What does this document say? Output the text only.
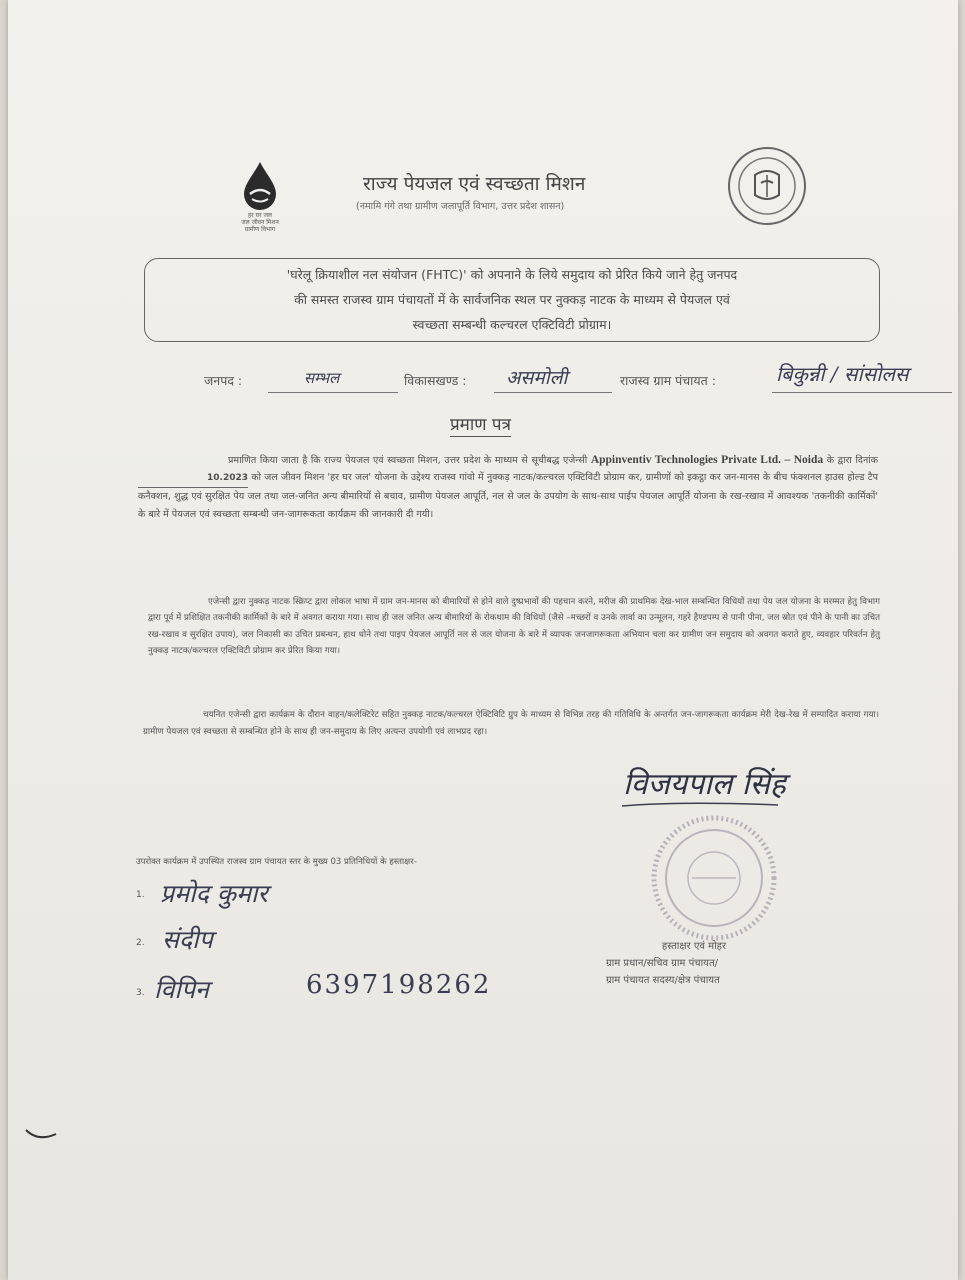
हर घर जल
जल जीवन मिशन
ग्रामीण विभाग
राज्य पेयजल एवं स्वच्छता मिशन
(नमामि गंगे तथा ग्रामीण जलापूर्ति विभाग, उत्तर प्रदेश शासन)
'घरेलू क्रियाशील नल संयोजन (FHTC)' को अपनाने के लिये समुदाय को प्रेरित किये जाने हेतु जनपद
की समस्त राजस्व ग्राम पंचायतों में के सार्वजनिक स्थल पर नुक्कड़ नाटक के माध्यम से पेयजल एवं
स्वच्छता सम्बन्धी कल्चरल एक्टिविटी प्रोग्राम।
जनपद :	सम्भल	विकासखण्ड : असमोली	राजस्व ग्राम पंचायत :	बिकुन्नी / सांसोलस
प्रमाण पत्र
प्रमाणित किया जाता है कि राज्य पेयजल एवं स्वच्छता मिशन, उत्तर प्रदेश के माध्यम से सूचीबद्ध एजेन्सी Appinventiv Technologies Private Ltd. – Noida के द्वारा दिनांक 10.2023 को जल जीवन मिशन 'हर घर जल' योजना के उद्देश्य राजस्व गांवो में नुक्कड़ नाटक/कल्चरल एक्टिविटी प्रोग्राम कर, ग्रामीणों को इकट्ठा कर जन-मानस के बीच फंक्शनल हाउस होल्ड टैप कनैक्शन, शुद्ध एवं सुरक्षित पेय जल तथा जल-जनित अन्य बीमारियों से बचाव, ग्रामीण पेयजल आपूर्ति, नल से जल के उपयोग के साथ-साथ पाईप पेयजल आपूर्ति योजना के रख-रखाव में आवश्यक 'तकनीकी कार्मिकों' के बारे में पेयजल एवं स्वच्छता सम्बन्धी जन-जागरूकता कार्यक्रम की जानकारी दी गयी।
एजेन्सी द्वारा नुक्कड़ नाटक स्क्रिप्ट द्वारा लोकल भाषा में ग्राम जन-मानस को बीमारियों से होने वाले दुष्प्रभावों की पहचान करने, मरीज की प्राथमिक देख-भाल सम्बन्धित विधियों तथा पेय जल योजना के मरम्मत हेतु विभाग द्वारा पूर्व में प्रशिक्षित तकनीकी कार्मिकों के बारे में अवगत कराया गया। साथ ही जल जनित अन्य बीमारियों के रोकथाम की विधियों (जैसे –मच्छरों व उनके लार्वा का उन्मूलन, गहरे हैण्डपम्प से पानी पीना, जल स्रोत एवं पीने के पानी का उचित रख-रखाव व सुरक्षित उपाय), जल निकासी का उचित प्रबन्धन, हाथ धोने तथा पाइप पेयजल आपूर्ति नल से जल योजना के बारे में व्यापक जनजागरूकता अभियान चला कर ग्रामीण जन समुदाय को अवगत कराते हुए, व्यवहार परिवर्तन हेतु नुक्कड़ नाटक/कल्चरल एक्टिविटी प्रोग्राम कर प्रेरित किया गया।
चयनित एजेन्सी द्वारा कार्यक्रम के दौरान वाहन/कलेक्टिरेट सहित नुक्कड़ नाटक/कल्चरल ऐक्टिविटि ग्रुप के माध्यम से विभिन्न तरह की गतिविधि के अन्तर्गत जन-जागरूकता कार्यक्रम मेरी देख-रेख में सम्पादित कराया गया। ग्रामीण पेयजल एवं स्वच्छता से सम्बन्धित होने के साथ ही जन-समुदाय के लिए अत्यन्त उपयोगी एवं लाभप्रद रहा।
विजयपाल सिंह
हस्ताक्षर एवं मोहर
ग्राम प्रधान/सचिव ग्राम पंचायत/
ग्राम पंचायत सदस्य/क्षेत्र पंचायत
उपरोक्त कार्यक्रम में उपस्थित राजस्व ग्राम पंचायत स्तर के मुख्य 03 प्रतिनिधियों के हस्ताक्षर-
1. प्रमोद कुमार
2. संदीप
3. विपिन	6397198262
